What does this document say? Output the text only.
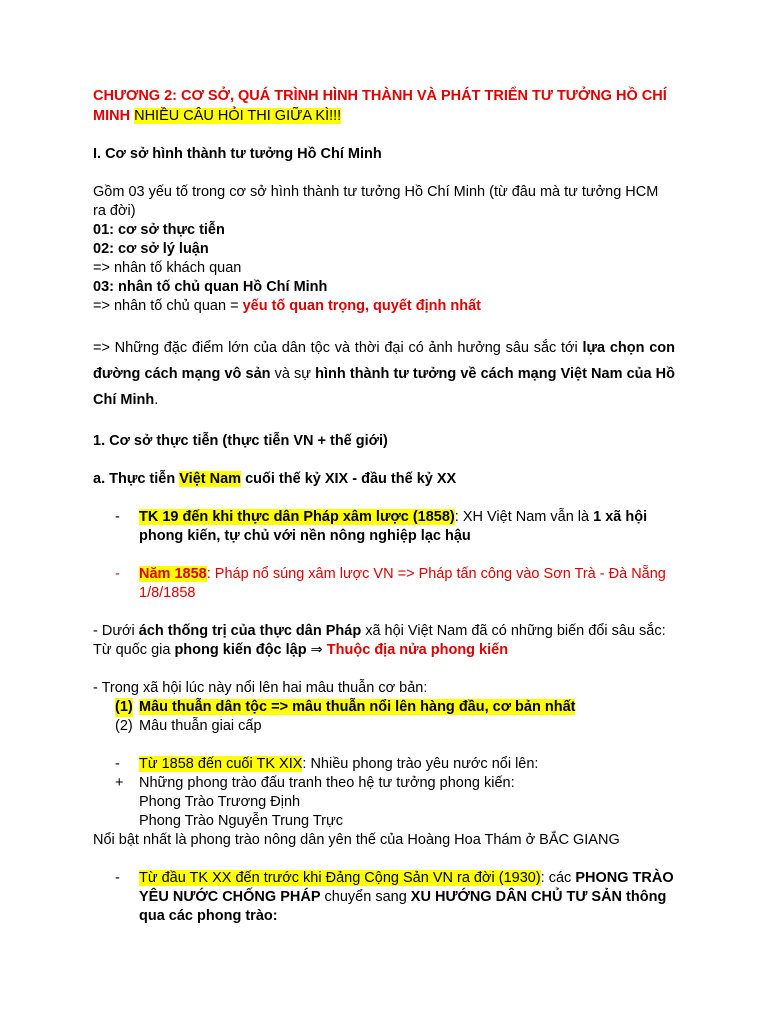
CHƯƠNG 2: CƠ SỞ, QUÁ TRÌNH HÌNH THÀNH VÀ PHÁT TRIỂN TƯ TƯỞNG HỒ CHÍ MINH NHIỀU CÂU HỎI THI GIỮA KÌ!!!

I. Cơ sở hình thành tư tưởng Hồ Chí Minh

Gồm 03 yếu tố trong cơ sở hình thành tư tưởng Hồ Chí Minh (từ đâu mà tư tưởng HCM ra đời)

01: cơ sở thực tiễn

02: cơ sở lý luận

=> nhân tố khách quan

03: nhân tố chủ quan Hồ Chí Minh

=> nhân tố chủ quan = yếu tố quan trọng, quyết định nhất

=> Những đặc điểm lớn của dân tộc và thời đại có ảnh hưởng sâu sắc tới lựa chọn con đường cách mạng vô sản và sự hình thành tư tưởng về cách mạng Việt Nam của Hồ Chí Minh.

1. Cơ sở thực tiễn (thực tiễn VN + thế giới)

a. Thực tiễn Việt Nam cuối thế kỷ XIX - đầu thế kỷ XX

- TK 19 đến khi thực dân Pháp xâm lược (1858): XH Việt Nam vẫn là 1 xã hội phong kiến, tự chủ với nền nông nghiệp lạc hậu

- Năm 1858: Pháp nổ súng xâm lược VN => Pháp tấn công vào Sơn Trà - Đà Nẵng 1/8/1858

- Dưới ách thống trị của thực dân Pháp xã hội Việt Nam đã có những biến đổi sâu sắc: Từ quốc gia phong kiến độc lập ⇒ Thuộc địa nửa phong kiến

- Trong xã hội lúc này nổi lên hai mâu thuẫn cơ bản:

(1) Mâu thuẫn dân tộc => mâu thuẫn nổi lên hàng đầu, cơ bản nhất

(2) Mâu thuẫn giai cấp

- Từ 1858 đến cuối TK XIX: Nhiều phong trào yêu nước nổi lên:

+ Những phong trào đấu tranh theo hệ tư tưởng phong kiến:

Phong Trào Trương Định

Phong Trào Nguyễn Trung Trực

Nổi bật nhất là phong trào nông dân yên thế của Hoàng Hoa Thám ở BẮC GIANG

- Từ đầu TK XX đến trước khi Đảng Cộng Sản VN ra đời (1930): các PHONG TRÀO YÊU NƯỚC CHỐNG PHÁP chuyển sang XU HƯỚNG DÂN CHỦ TƯ SẢN thông qua các phong trào:
